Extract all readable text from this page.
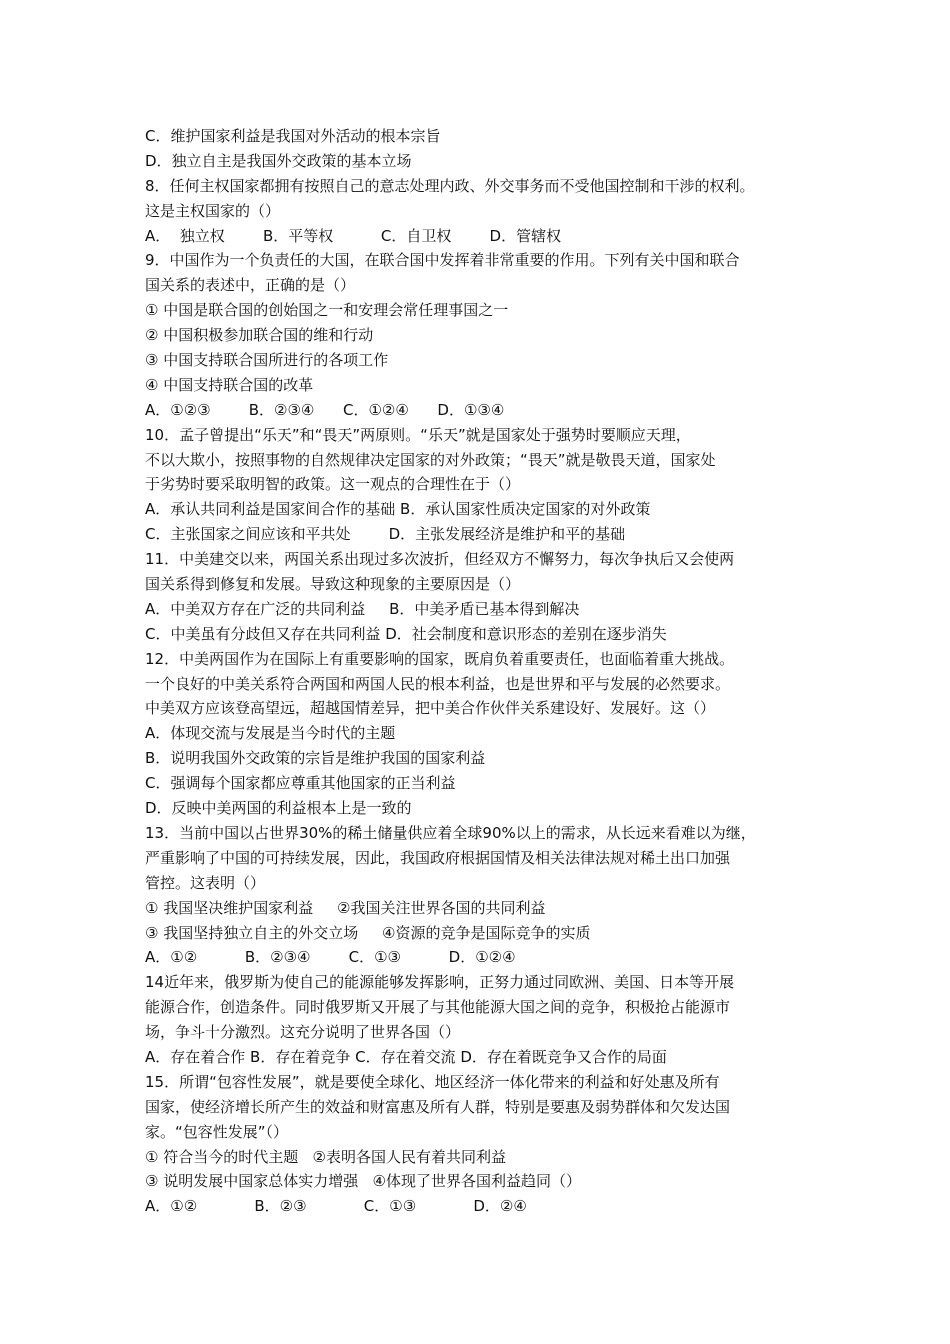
C．维护国家利益是我国对外活动的根本宗旨
D．独立自主是我国外交政策的基本立场
8．任何主权国家都拥有按照自己的意志处理内政、外交事务而不受他国控制和干涉的权利。
这是主权国家的（）
A．  独立权        B．平等权          C．自卫权        D．管辖权
9．中国作为一个负责任的大国，在联合国中发挥着非常重要的作用。下列有关中国和联合
国关系的表述中，正确的是（）
① 中国是联合国的创始国之一和安理会常任理事国之一
② 中国积极参加联合国的维和行动
③ 中国支持联合国所进行的各项工作
④ 中国支持联合国的改革
A．①②③        B．②③④      C．①②④      D．①③④
10．孟子曾提出“乐天”和“畏天”两原则。“乐天”就是国家处于强势时要顺应天理，
不以大欺小，按照事物的自然规律决定国家的对外政策；“畏天”就是敬畏天道，国家处
于劣势时要采取明智的政策。这一观点的合理性在于（）
A．承认共同利益是国家间合作的基础 B．承认国家性质决定国家的对外政策
C．主张国家之间应该和平共处        D．主张发展经济是维护和平的基础
11．中美建交以来，两国关系出现过多次波折，但经双方不懈努力，每次争执后又会使两
国关系得到修复和发展。导致这种现象的主要原因是（）
A．中美双方存在广泛的共同利益     B．中美矛盾已基本得到解决
C．中美虽有分歧但又存在共同利益 D．社会制度和意识形态的差别在逐步消失
12．中美两国作为在国际上有重要影响的国家，既肩负着重要责任，也面临着重大挑战。
一个良好的中美关系符合两国和两国人民的根本利益，也是世界和平与发展的必然要求。
中美双方应该登高望远，超越国情差异，把中美合作伙伴关系建设好、发展好。这（）
A．体现交流与发展是当今时代的主题
B．说明我国外交政策的宗旨是维护我国的国家利益
C．强调每个国家都应尊重其他国家的正当利益
D．反映中美两国的利益根本上是一致的
13．当前中国以占世界30%的稀土储量供应着全球90%以上的需求，从长远来看难以为继，
严重影响了中国的可持续发展，因此，我国政府根据国情及相关法律法规对稀土出口加强
管控。这表明（）
① 我国坚决维护国家利益     ②我国关注世界各国的共同利益
③ 我国坚持独立自主的外交立场     ④资源的竞争是国际竞争的实质
A．①②          B．②③④        C．①③          D．①②④
14近年来，俄罗斯为使自己的能源能够发挥影响，正努力通过同欧洲、美国、日本等开展
能源合作，创造条件。同时俄罗斯又开展了与其他能源大国之间的竞争，积极抢占能源市
场，争斗十分激烈。这充分说明了世界各国（）
A．存在着合作 B．存在着竞争 C．存在着交流 D．存在着既竞争又合作的局面
15．所谓“包容性发展”，就是要使全球化、地区经济一体化带来的利益和好处惠及所有
国家，使经济增长所产生的效益和财富惠及所有人群，特别是要惠及弱势群体和欠发达国
家。“包容性发展”（）
① 符合当今的时代主题   ②表明各国人民有着共同利益
③ 说明发展中国家总体实力增强   ④体现了世界各国利益趋同（）
A．①②            B．②③            C．①③            D．②④
